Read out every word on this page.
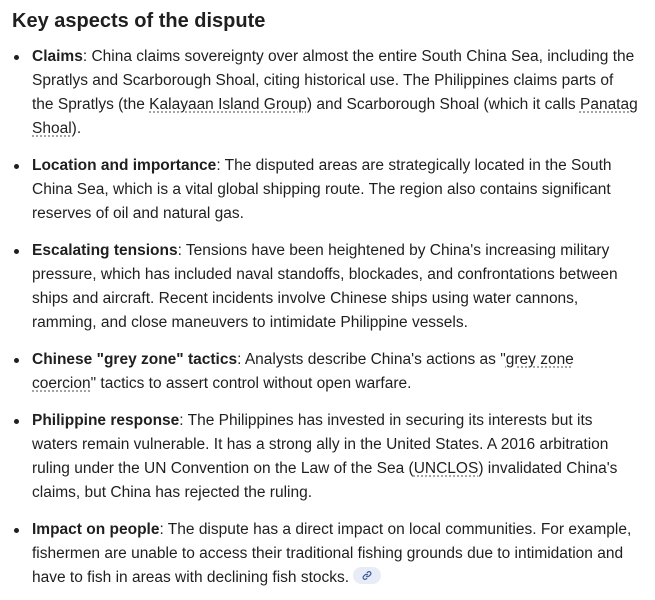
Key aspects of the dispute
Claims: China claims sovereignty over almost the entire South China Sea, including the Spratlys and Scarborough Shoal, citing historical use. The Philippines claims parts of the Spratlys (the Kalayaan Island Group) and Scarborough Shoal (which it calls Panatag Shoal).
Location and importance: The disputed areas are strategically located in the South China Sea, which is a vital global shipping route. The region also contains significant reserves of oil and natural gas.
Escalating tensions: Tensions have been heightened by China's increasing military pressure, which has included naval standoffs, blockades, and confrontations between ships and aircraft. Recent incidents involve Chinese ships using water cannons, ramming, and close maneuvers to intimidate Philippine vessels.
Chinese "grey zone" tactics: Analysts describe China's actions as "grey zone coercion" tactics to assert control without open warfare.
Philippine response: The Philippines has invested in securing its interests but its waters remain vulnerable. It has a strong ally in the United States. A 2016 arbitration ruling under the UN Convention on the Law of the Sea (UNCLOS) invalidated China's claims, but China has rejected the ruling.
Impact on people: The dispute has a direct impact on local communities. For example, fishermen are unable to access their traditional fishing grounds due to intimidation and have to fish in areas with declining fish stocks.
